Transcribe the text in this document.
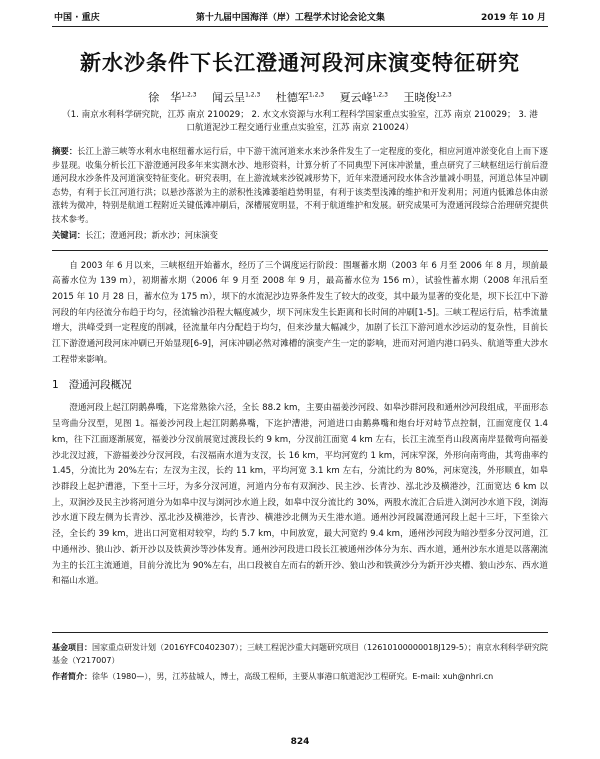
中国 · 重庆	第十九届中国海洋（岸）工程学术讨论会论文集	2019 年 10 月
新水沙条件下长江澄通河段河床演变特征研究
徐　华$^{1,2,3}$ 闻云呈$^{1,2,3}$ 杜德军$^{1,2,3}$ 夏云峰$^{1,2,3}$ 王晓俊$^{1,2,3}$
（1. 南京水利科学研究院，江苏 南京 210029； 2. 水文水资源与水利工程科学国家重点实验室，江苏 南京 210029； 3. 港口航道泥沙工程交通行业重点实验室，江苏 南京 210024）
摘要：长江上游三峡等水利水电枢纽蓄水运行后，中下游干流河道来水来沙条件发生了一定程度的变化，相应河道冲淤变化自上而下逐步显现。收集分析长江下游澄通河段多年来实测水沙、地形资料，计算分析了不同典型下河床冲淤量，重点研究了三峡枢纽运行前后澄通河段水沙条件及河道演变特征变化。研究表明，在上游流域来沙锐减形势下，近年来澄通河段水体含沙量减小明显，河道总体呈冲刷态势，有利于长江河道行洪；以悬沙落淤为主的淤积性浅滩萎缩趋势明显，有利于该类型浅滩的维护和开发利用；河道内低滩总体由淤涨转为微冲，特别是航道工程附近关键低滩冲刷后，深槽展宽明显，不利于航道维护和发展。研究成果可为澄通河段综合治理研究提供技术参考。
关键词：长江；澄通河段；新水沙；河床演变

自 2003 年 6 月以来，三峡枢纽开始蓄水，经历了三个调度运行阶段：围堰蓄水期（2003 年 6 月至 2006 年 8 月，坝前最高蓄水位为 139 m），初期蓄水期（2006 年 9 月至 2008 年 9 月，最高蓄水位为 156 m），试验性蓄水期（2008 年汛后至 2015 年 10 月 28 日，蓄水位为 175 m），坝下的水流泥沙边界条件发生了较大的改变，其中最为显著的变化是，坝下长江中下游河段的年内径流分布趋于均匀，径流输沙沿程大幅度减少，坝下河床发生长距离和长时间的冲刷[1-5]。三峡工程运行后，枯季流量增大，洪峰受到一定程度的削减，径流量年内分配趋于均匀，但来沙量大幅减少，加剧了长江下游河道水沙运动的复杂性，目前长江下游澄通河段河床冲刷已开始显现[6-9]，河床冲刷必然对滩槽的演变产生一定的影响，进而对河道内港口码头、航道等重大涉水工程带来影响。

1 澄通河段概况

澄通河段上起江阴鹅鼻嘴，下迄常熟徐六泾，全长 88.2 km，主要由福姜沙河段、如皋沙群河段和通州沙河段组成，平面形态呈弯曲分汊型，见图 1。福姜沙河段上起江阴鹅鼻嘴，下迄护漕港，河道进口由鹅鼻嘴和炮台圩对峙节点控制，江面宽度仅 1.4 km，往下江面逐渐展宽，福姜沙分汊前展宽过渡段长约 9 km，分汊前江面宽 4 km 左右，长江主流至肖山段离南岸显微弯向福姜沙北汊过渡，下游福姜沙分汊河段，右汊福南水道为支汊，长 16 km，平均河宽约 1 km，河床窄深，外形向南弯曲，其弯曲率约 1.45，分流比为 20%左右；左汊为主汊，长约 11 km，平均河宽 3.1 km 左右，分流比约为 80%，河床宽浅，外形顺直，如皋沙群段上起护漕港，下至十三圩，为多分汊河道，河道内分布有双涧沙、民主沙、长青沙、泓北沙及横港沙，江面宽达 6 km 以上，双涧沙及民主沙将河道分为如皋中汊与浏河沙水道上段，如皋中汊分流比约 30%，两股水流汇合后进入浏河沙水道下段，浏海沙水道下段左侧为长青沙、泓北沙及横港沙，长青沙、横港沙北侧为天生港水道。通州沙河段属澄通河段上起十三圩，下至徐六泾，全长约 39 km，进出口河宽相对较窄，均约 5.7 km，中间放宽，最大河宽约 9.4 km，通州沙河段为暗沙型多分汊河道，江中通州沙、狼山沙、新开沙以及铁黄沙等沙体发育。通州沙河段进口段长江被通州沙体分为东、西水道，通州沙东水道是以落潮流为主的长江主流通道，目前分流比为 90%左右，出口段被自左而右的新开沙、狼山沙和铁黄沙分为新开沙夹槽、狼山沙东、西水道和福山水道。

基金项目：国家重点研发计划（2016YFC0402307）；三峡工程泥沙重大问题研究项目（12610100000018J129-5）；南京水利科学研究院基金（Y217007）
作者简介：徐华（1980—），男，江苏盐城人，博士，高级工程师，主要从事港口航道泥沙工程研究。E-mail: xuh@nhri.cn
824
